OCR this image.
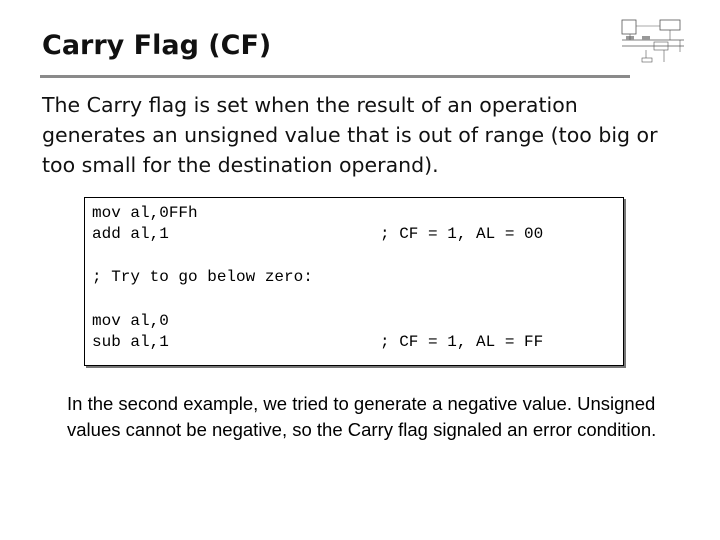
Carry Flag (CF)
The Carry flag is set when the result of an operation generates an unsigned value that is out of range (too big or too small for the destination operand).
mov al,0FFh
add al,1	; CF = 1, AL = 00
; Try to go below zero:
mov al,0
sub al,1	; CF = 1, AL = FF
In the second example, we tried to generate a negative value. Unsigned values cannot be negative, so the Carry flag signaled an error condition.
